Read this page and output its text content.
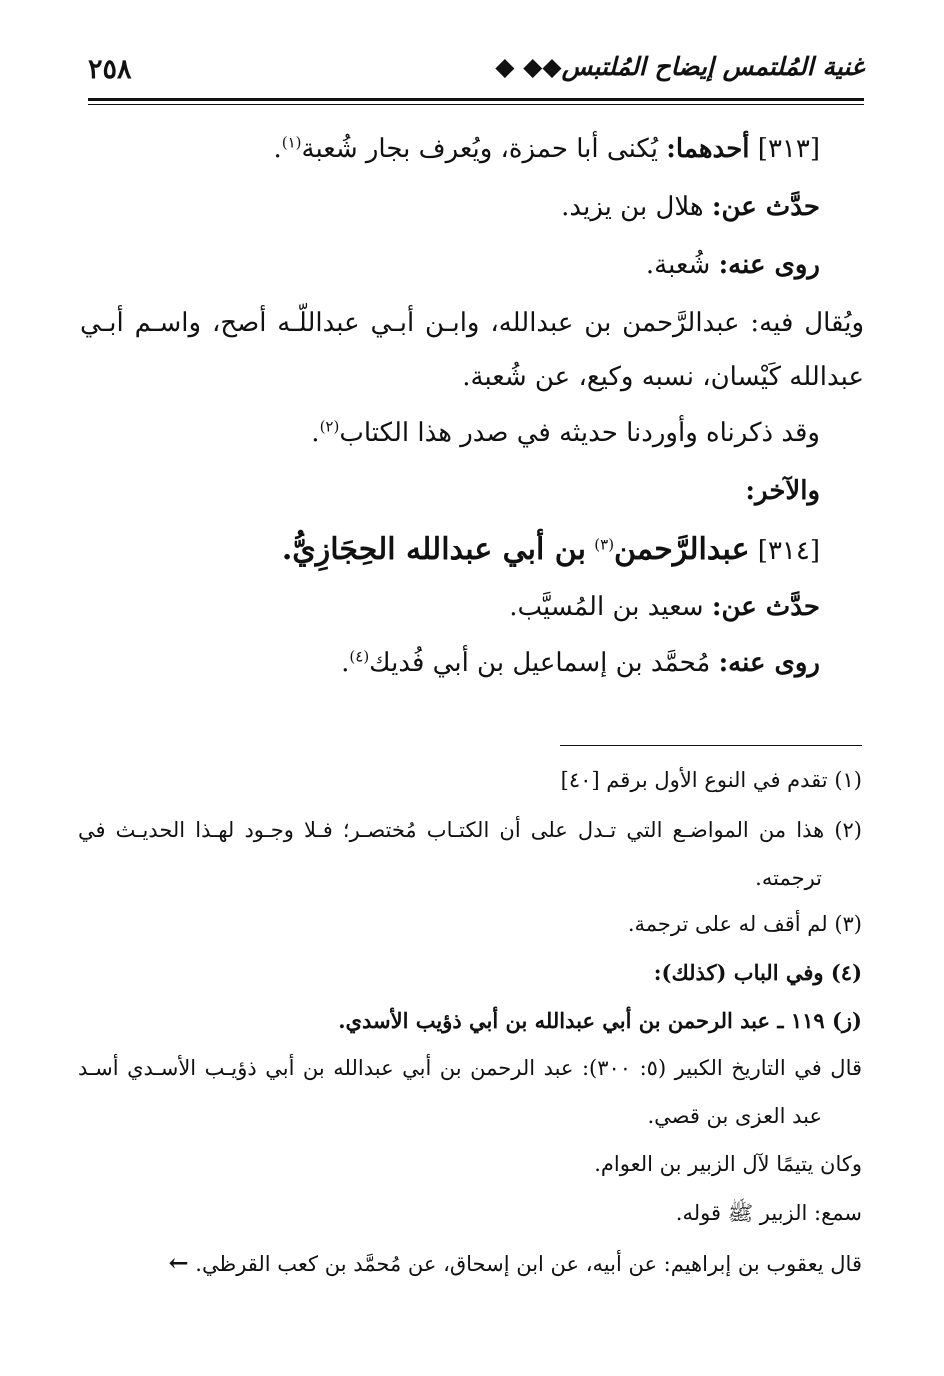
٢٥٨	غنية المُلتمس إيضاح المُلتبس◆◆ ◆
[٣١٣] أحدهما: يُكنى أبا حمزة، ويُعرف بجار شُعبة$^{(١)}$.
حدَّث عن: هلال بن يزيد.
روى عنه: شُعبة.
ويُقال فيه: عبدالرَّحمن بن عبدالله، وابـن أبـي عبداللّـه أصح، واسـم أبـي
عبدالله كَيْسان، نسبه وكيع، عن شُعبة.
وقد ذكرناه وأوردنا حديثه في صدر هذا الكتاب$^{(٢)}$.
والآخر:
[٣١٤] عبدالرَّحمن$^{(٣)}$ بن أبي عبدالله الحِجَازِيُّ.
حدَّث عن: سعيد بن المُسيَّب.
روى عنه: مُحمَّد بن إسماعيل بن أبي فُديك$^{(٤)}$.
(١) تقدم في النوع الأول برقم [٤٠]
(٢) هذا من المواضـع التي تـدل على أن الكتـاب مُختصـر؛ فـلا وجـود لهـذا الحديـث في
ترجمته.
(٣) لم أقف له على ترجمة.
(٤) وفي الباب (كذلك):
(ز) ١١٩ ـ عبد الرحمن بن أبي عبدالله بن أبي ذؤيب الأسدي.
قال في التاريخ الكبير (٥: ٣٠٠): عبد الرحمن بن أبي عبدالله بن أبي ذؤيـب الأسـدي أسـد
عبد العزى بن قصي.
وكان يتيمًا لآل الزبير بن العوام.
سمع: الزبير ﷺ قوله.
قال يعقوب بن إبراهيم: عن أبيه، عن ابن إسحاق، عن مُحمَّد بن كعب القرظي. ←
